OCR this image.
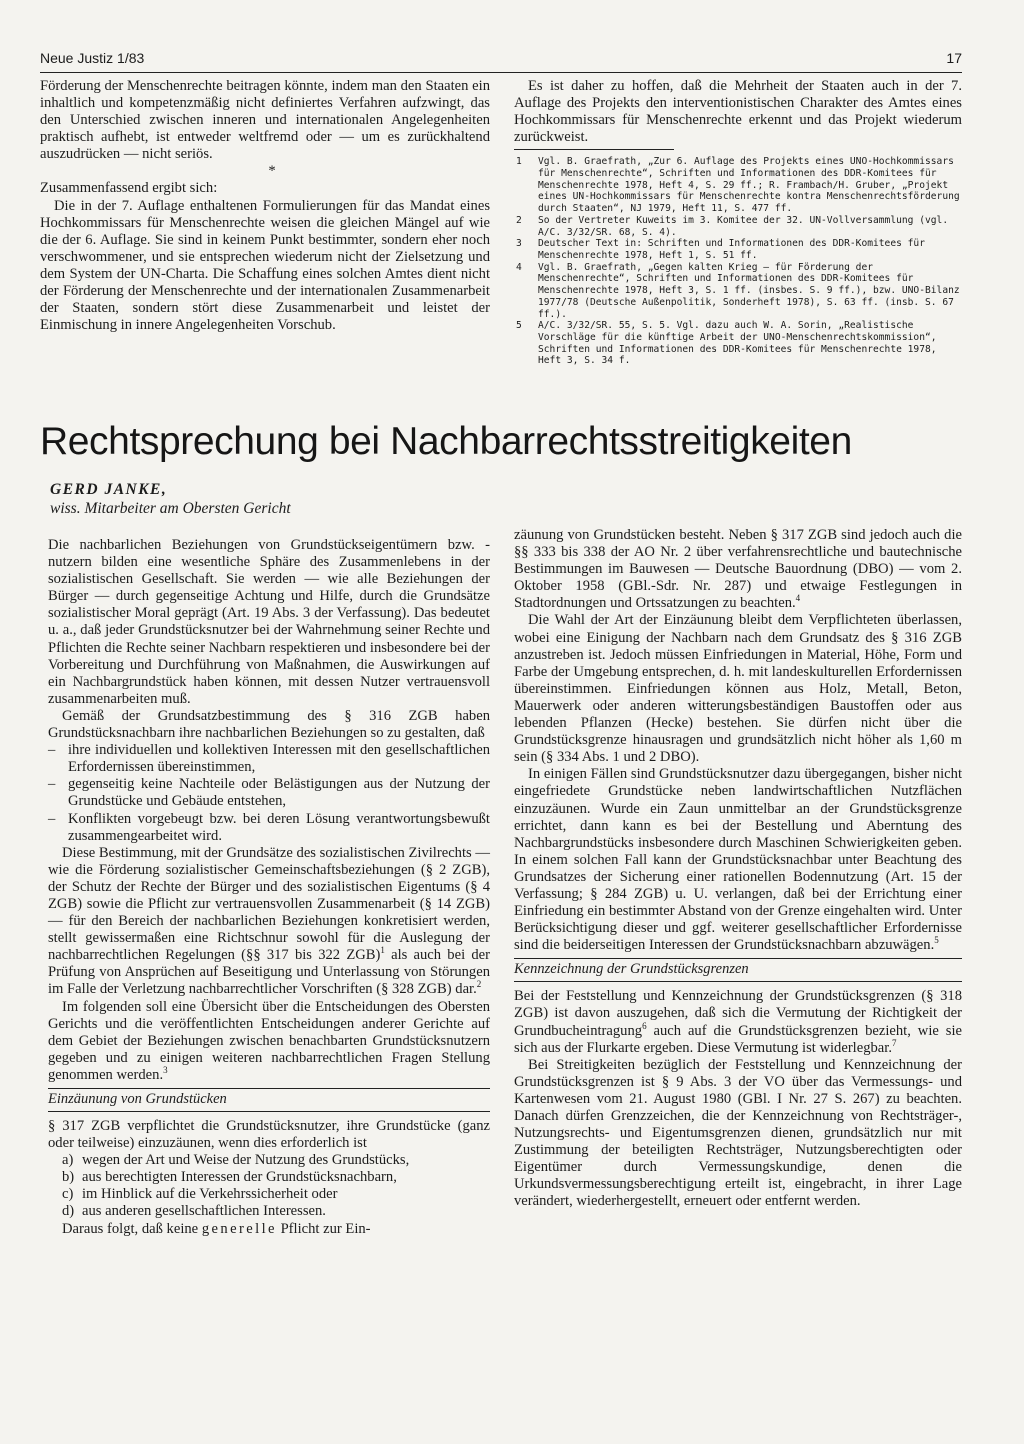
Neue Justiz 1/83	17

Förderung der Menschenrechte beitragen könnte, indem man den Staaten ein inhaltlich und kompetenzmäßig nicht definiertes Verfahren aufzwingt, das den Unterschied zwischen inneren und internationalen Angelegenheiten praktisch aufhebt, ist entweder weltfremd oder — um es zurückhaltend auszudrücken — nicht seriös.

*

Zusammenfassend ergibt sich:

Die in der 7. Auflage enthaltenen Formulierungen für das Mandat eines Hochkommissars für Menschenrechte weisen die gleichen Mängel auf wie die der 6. Auflage. Sie sind in keinem Punkt bestimmter, sondern eher noch verschwommener, und sie entsprechen wiederum nicht der Zielsetzung und dem System der UN-Charta. Die Schaffung eines solchen Amtes dient nicht der Förderung der Menschenrechte und der internationalen Zusammenarbeit der Staaten, sondern stört diese Zusammenarbeit und leistet der Einmischung in innere Angelegenheiten Vorschub.

Es ist daher zu hoffen, daß die Mehrheit der Staaten auch in der 7. Auflage des Projekts den interventionistischen Charakter des Amtes eines Hochkommissars für Menschenrechte erkennt und das Projekt wiederum zurückweist.

1 Vgl. B. Graefrath, „Zur 6. Auflage des Projekts eines UNO-Hochkommissars für Menschenrechte“, Schriften und Informationen des DDR-Komitees für Menschenrechte 1978, Heft 4, S. 29 ff.; R. Frambach/H. Gruber, „Projekt eines UN-Hochkommissars für Menschenrechte kontra Menschenrechtsförderung durch Staaten“, NJ 1979, Heft 11, S. 477 ff.
2 So der Vertreter Kuweits im 3. Komitee der 32. UN-Vollversammlung (vgl. A/C. 3/32/SR. 68, S. 4).
3 Deutscher Text in: Schriften und Informationen des DDR-Komitees für Menschenrechte 1978, Heft 1, S. 51 ff.
4 Vgl. B. Graefrath, „Gegen kalten Krieg — für Förderung der Menschenrechte“, Schriften und Informationen des DDR-Komitees für Menschenrechte 1978, Heft 3, S. 1 ff. (insbes. S. 9 ff.), bzw. UNO-Bilanz 1977/78 (Deutsche Außenpolitik, Sonderheft 1978), S. 63 ff. (insb. S. 67 ff.).
5 A/C. 3/32/SR. 55, S. 5. Vgl. dazu auch W. A. Sorin, „Realistische Vorschläge für die künftige Arbeit der UNO-Menschenrechtskommission“, Schriften und Informationen des DDR-Komitees für Menschenrechte 1978, Heft 3, S. 34 f.
Rechtsprechung bei Nachbarrechtsstreitigkeiten
GERD JANKE,
wiss. Mitarbeiter am Obersten Gericht

Die nachbarlichen Beziehungen von Grundstückseigentümern bzw. -nutzern bilden eine wesentliche Sphäre des Zusammenlebens in der sozialistischen Gesellschaft. Sie werden — wie alle Beziehungen der Bürger — durch gegenseitige Achtung und Hilfe, durch die Grundsätze sozialistischer Moral geprägt (Art. 19 Abs. 3 der Verfassung). Das bedeutet u. a., daß jeder Grundstücksnutzer bei der Wahrnehmung seiner Rechte und Pflichten die Rechte seiner Nachbarn respektieren und insbesondere bei der Vorbereitung und Durchführung von Maßnahmen, die Auswirkungen auf ein Nachbargrundstück haben können, mit dessen Nutzer vertrauensvoll zusammenarbeiten muß.

Gemäß der Grundsatzbestimmung des § 316 ZGB haben Grundstücksnachbarn ihre nachbarlichen Beziehungen so zu gestalten, daß

– ihre individuellen und kollektiven Interessen mit den gesellschaftlichen Erfordernissen übereinstimmen,
– gegenseitig keine Nachteile oder Belästigungen aus der Nutzung der Grundstücke und Gebäude entstehen,
– Konflikten vorgebeugt bzw. bei deren Lösung verantwortungsbewußt zusammengearbeitet wird.

Diese Bestimmung, mit der Grundsätze des sozialistischen Zivilrechts — wie die Förderung sozialistischer Gemeinschaftsbeziehungen (§ 2 ZGB), der Schutz der Rechte der Bürger und des sozialistischen Eigentums (§ 4 ZGB) sowie die Pflicht zur vertrauensvollen Zusammenarbeit (§ 14 ZGB) — für den Bereich der nachbarlichen Beziehungen konkretisiert werden, stellt gewissermaßen eine Richtschnur sowohl für die Auslegung der nachbarrechtlichen Regelungen (§§ 317 bis 322 ZGB)$^1$ als auch bei der Prüfung von Ansprüchen auf Beseitigung und Unterlassung von Störungen im Falle der Verletzung nachbarrechtlicher Vorschriften (§ 328 ZGB) dar.$^2$

Im folgenden soll eine Übersicht über die Entscheidungen des Obersten Gerichts und die veröffentlichten Entscheidungen anderer Gerichte auf dem Gebiet der Beziehungen zwischen benachbarten Grundstücksnutzern gegeben und zu einigen weiteren nachbarrechtlichen Fragen Stellung genommen werden.$^3$

Einzäunung von Grundstücken

§ 317 ZGB verpflichtet die Grundstücksnutzer, ihre Grundstücke (ganz oder teilweise) einzuzäunen, wenn dies erforderlich ist

a) wegen der Art und Weise der Nutzung des Grundstücks,
b) aus berechtigten Interessen der Grundstücksnachbarn,
c) im Hinblick auf die Verkehrssicherheit oder
d) aus anderen gesellschaftlichen Interessen.

Daraus folgt, daß keine generelle Pflicht zur Ein-

zäunung von Grundstücken besteht. Neben § 317 ZGB sind jedoch auch die §§ 333 bis 338 der AO Nr. 2 über verfahrensrechtliche und bautechnische Bestimmungen im Bauwesen — Deutsche Bauordnung (DBO) — vom 2. Oktober 1958 (GBl.-Sdr. Nr. 287) und etwaige Festlegungen in Stadtordnungen und Ortssatzungen zu beachten.$^4$

Die Wahl der Art der Einzäunung bleibt dem Verpflichteten überlassen, wobei eine Einigung der Nachbarn nach dem Grundsatz des § 316 ZGB anzustreben ist. Jedoch müssen Einfriedungen in Material, Höhe, Form und Farbe der Umgebung entsprechen, d. h. mit landeskulturellen Erfordernissen übereinstimmen. Einfriedungen können aus Holz, Metall, Beton, Mauerwerk oder anderen witterungsbeständigen Baustoffen oder aus lebenden Pflanzen (Hecke) bestehen. Sie dürfen nicht über die Grundstücksgrenze hinausragen und grundsätzlich nicht höher als 1,60 m sein (§ 334 Abs. 1 und 2 DBO).

In einigen Fällen sind Grundstücksnutzer dazu übergegangen, bisher nicht eingefriedete Grundstücke neben landwirtschaftlichen Nutzflächen einzuzäunen. Wurde ein Zaun unmittelbar an der Grundstücksgrenze errichtet, dann kann es bei der Bestellung und Aberntung des Nachbargrundstücks insbesondere durch Maschinen Schwierigkeiten geben. In einem solchen Fall kann der Grundstücksnachbar unter Beachtung des Grundsatzes der Sicherung einer rationellen Bodennutzung (Art. 15 der Verfassung; § 284 ZGB) u. U. verlangen, daß bei der Errichtung einer Einfriedung ein bestimmter Abstand von der Grenze eingehalten wird. Unter Berücksichtigung dieser und ggf. weiterer gesellschaftlicher Erfordernisse sind die beiderseitigen Interessen der Grundstücksnachbarn abzuwägen.$^5$

Kennzeichnung der Grundstücksgrenzen

Bei der Feststellung und Kennzeichnung der Grundstücksgrenzen (§ 318 ZGB) ist davon auszugehen, daß sich die Vermutung der Richtigkeit der Grundbucheintragung$^6$ auch auf die Grundstücksgrenzen bezieht, wie sie sich aus der Flurkarte ergeben. Diese Vermutung ist widerlegbar.$^7$

Bei Streitigkeiten bezüglich der Feststellung und Kennzeichnung der Grundstücksgrenzen ist § 9 Abs. 3 der VO über das Vermessungs- und Kartenwesen vom 21. August 1980 (GBl. I Nr. 27 S. 267) zu beachten. Danach dürfen Grenzzeichen, die der Kennzeichnung von Rechtsträger-, Nutzungsrechts- und Eigentumsgrenzen dienen, grundsätzlich nur mit Zustimmung der beteiligten Rechtsträger, Nutzungsberechtigten oder Eigentümer durch Vermessungskundige, denen die Urkundsvermessungsberechtigung erteilt ist, eingebracht, in ihrer Lage verändert, wiederhergestellt, erneuert oder entfernt werden.
